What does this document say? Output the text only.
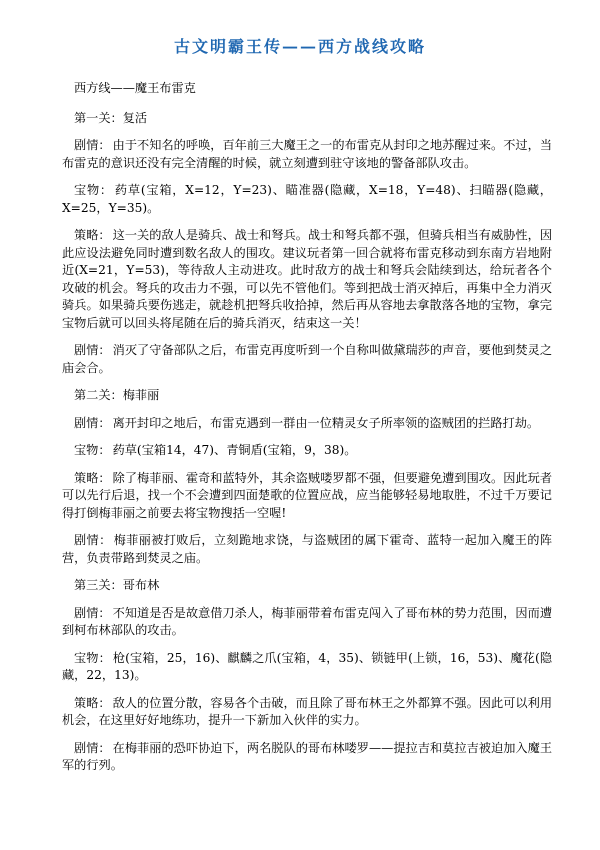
古文明霸王传——西方战线攻略

西方线——魔王布雷克

第一关：复活

剧情： 由于不知名的呼唤，百年前三大魔王之一的布雷克从封印之地苏醒过来。不过，当布雷克的意识还没有完全清醒的时候，就立刻遭到驻守该地的警备部队攻击。

宝物： 药草(宝箱，X=12，Y=23)、瞄准器(隐藏，X=18，Y=48)、扫瞄器(隐藏，X=25，Y=35)。

策略： 这一关的敌人是骑兵、战士和弩兵。战士和弩兵都不强，但骑兵相当有威胁性，因此应设法避免同时遭到数名敌人的围攻。建议玩者第一回合就将布雷克移动到东南方岩地附近(X=21，Y=53)，等待敌人主动进攻。此时敌方的战士和弩兵会陆续到达，给玩者各个攻破的机会。弩兵的攻击力不强，可以先不管他们。等到把战士消灭掉后，再集中全力消灭骑兵。如果骑兵要伤逃走，就趁机把弩兵收拾掉，然后再从容地去拿散落各地的宝物，拿完宝物后就可以回头将尾随在后的骑兵消灭，结束这一关！

剧情： 消灭了守备部队之后，布雷克再度听到一个自称叫做黛瑞莎的声音，要他到焚灵之庙会合。

第二关：梅菲丽

剧情： 离开封印之地后，布雷克遇到一群由一位精灵女子所率领的盗贼团的拦路打劫。

宝物： 药草(宝箱14，47)、青铜盾(宝箱，9，38)。

策略： 除了梅菲丽、霍奇和蓝特外，其余盗贼喽罗都不强，但要避免遭到围攻。因此玩者可以先行后退，找一个不会遭到四面楚歌的位置应战，应当能够轻易地取胜，不过千万要记得打倒梅菲丽之前要去将宝物搜括一空喔!

剧情： 梅菲丽被打败后，立刻跪地求饶，与盗贼团的属下霍奇、蓝特一起加入魔王的阵营，负责带路到焚灵之庙。

第三关：哥布林

剧情： 不知道是否是故意借刀杀人，梅菲丽带着布雷克闯入了哥布林的势力范围，因而遭到柯布林部队的攻击。

宝物： 枪(宝箱，25，16)、麒麟之爪(宝箱，4，35)、锁链甲(上锁，16，53)、魔花(隐藏，22，13)。

策略： 敌人的位置分散，容易各个击破，而且除了哥布林王之外都算不强。因此可以利用机会，在这里好好地练功，提升一下新加入伙伴的实力。

剧情： 在梅菲丽的恐吓协迫下，两名脱队的哥布林喽罗——提拉吉和莫拉吉被迫加入魔王军的行列。
